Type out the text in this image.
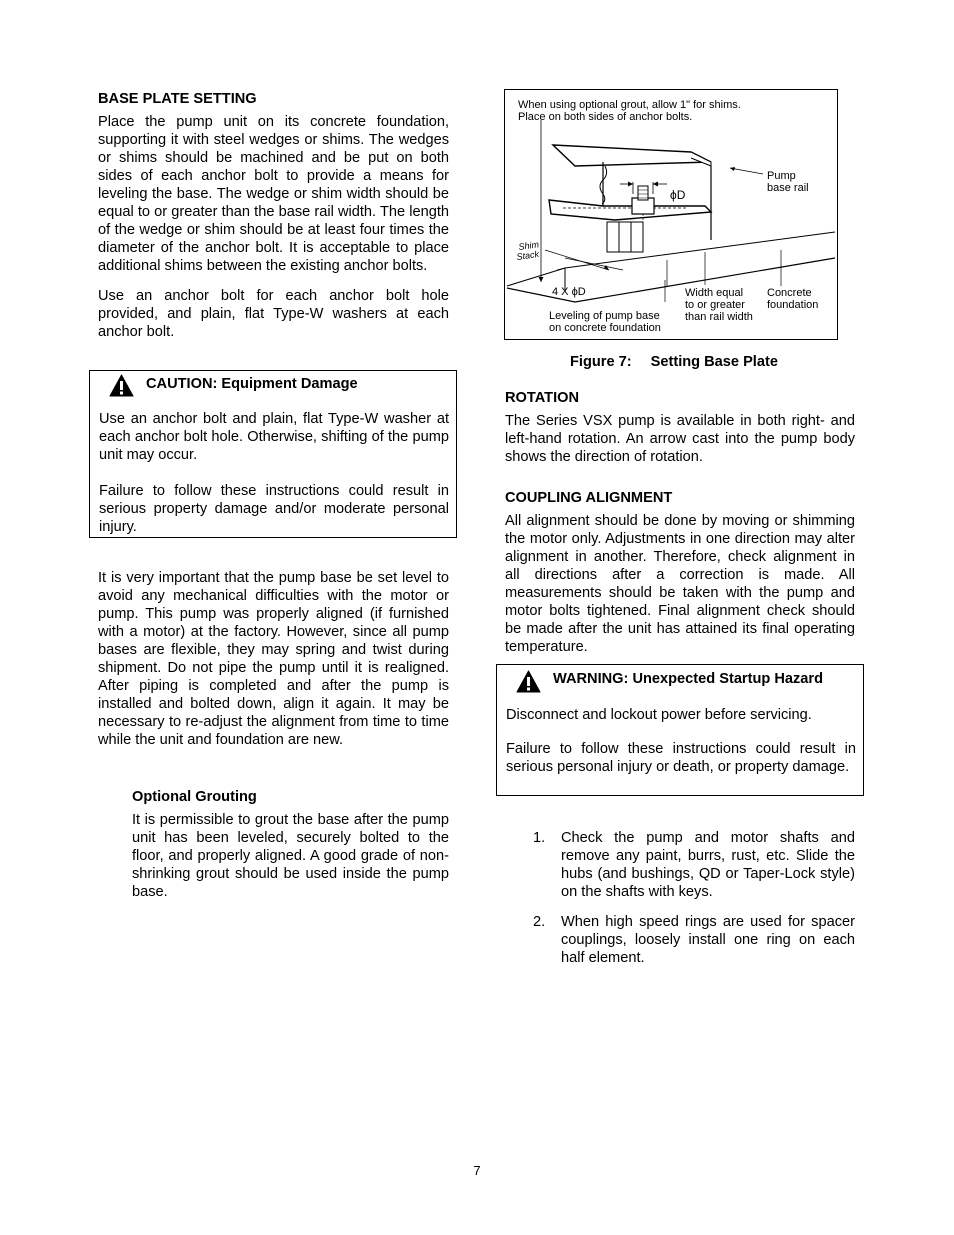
BASE PLATE SETTING

Place the pump unit on its concrete foundation, supporting it with steel wedges or shims. The wedges or shims should be machined and be put on both sides of each anchor bolt to provide a means for leveling the base. The wedge or shim width should be equal to or greater than the base rail width. The length of the wedge or shim should be at least four times the diameter of the anchor bolt. It is acceptable to place additional shims between the existing anchor bolts.

Use an anchor bolt for each anchor bolt hole provided, and plain, flat Type-W washers at each anchor bolt.

CAUTION: Equipment Damage

Use an anchor bolt and plain, flat Type-W washer at each anchor bolt hole. Otherwise, shifting of the pump unit may occur.

Failure to follow these instructions could result in serious property damage and/or moderate personal injury.

It is very important that the pump base be set level to avoid any mechanical difficulties with the motor or pump. This pump was properly aligned (if furnished with a motor) at the factory. However, since all pump bases are flexible, they may spring and twist during shipment. Do not pipe the pump until it is realigned. After piping is completed and after the pump is installed and bolted down, align it again. It may be necessary to re-adjust the alignment from time to time while the unit and foundation are new.

Optional Grouting

It is permissible to grout the base after the pump unit has been leveled, securely bolted to the floor, and properly aligned. A good grade of non-shrinking grout should be used inside the pump base.

When using optional grout, allow 1" for shims.
Place on both sides of anchor bolts.
ϕD
Pump
base rail
Shim
Stack
4 X ϕD	Width equal
to or greater
than rail width
Concrete
foundation
Leveling of pump base
on concrete foundation
Figure 7: Setting Base Plate

ROTATION

The Series VSX pump is available in both right- and left-hand rotation. An arrow cast into the pump body shows the direction of rotation.

COUPLING ALIGNMENT

All alignment should be done by moving or shimming the motor only. Adjustments in one direction may alter alignment in another. Therefore, check alignment in all directions after a correction is made. All measurements should be taken with the pump and motor bolts tightened. Final alignment check should be made after the unit has attained its final operating temperature.

WARNING: Unexpected Startup Hazard

Disconnect and lockout power before servicing.

Failure to follow these instructions could result in serious personal injury or death, or property damage.

1. Check the pump and motor shafts and remove any paint, burrs, rust, etc. Slide the hubs (and bushings, QD or Taper-Lock style) on the shafts with keys.
2. When high speed rings are used for spacer couplings, loosely install one ring on each half element.
7
